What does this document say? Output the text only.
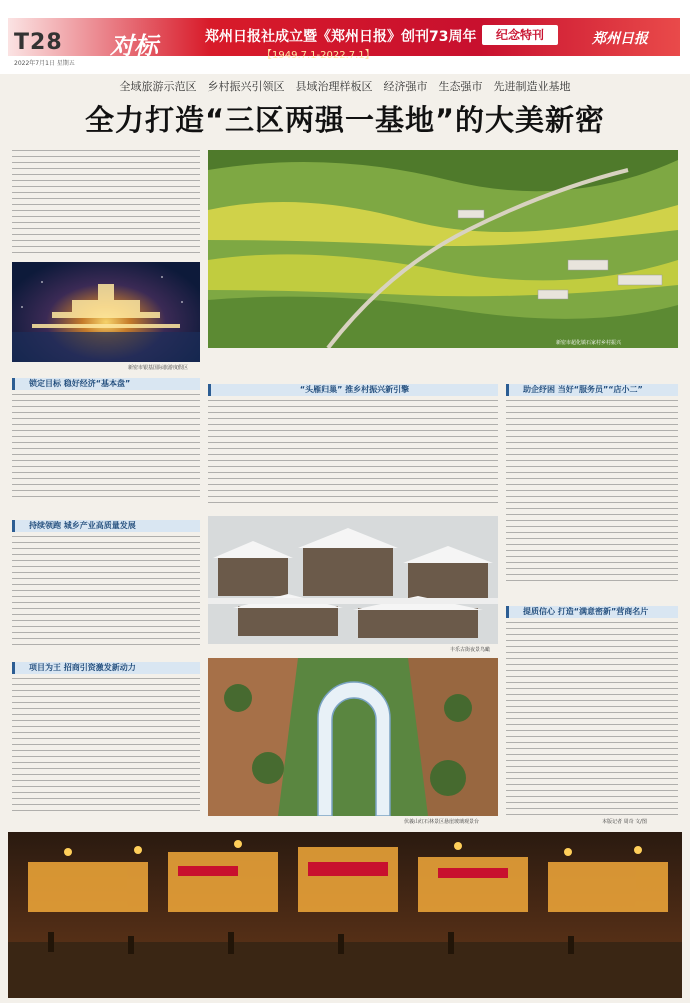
T28 对标	郑州日报社成立暨《郑州日报》创刊73周年	纪念特刊
【1949.7.1-2022.7.1】
郑州日报
2022年7月1日 星期五
全域旅游示范区　乡村振兴引领区　县域治理样板区　经济强市　生态强市　先进制造业基地
全力打造“三区两强一基地”的大美新密
新密市银基国际旅游度假区
新密市超化镇石家村乡村振兴
锁定目标 稳好经济“基本盘”
“头雁归巢” 推乡村振兴新引擎	助企纾困 当好“服务员”“店小二”
持续领跑 城乡产业高质量发展
丰乐古街夜景鸟瞰
提质信心 打造“满意密新”营商名片
项目为王 招商引资激发新动力
伏羲山红石林景区悬崖玻璃观景台	本版记者 周奇 文/图
